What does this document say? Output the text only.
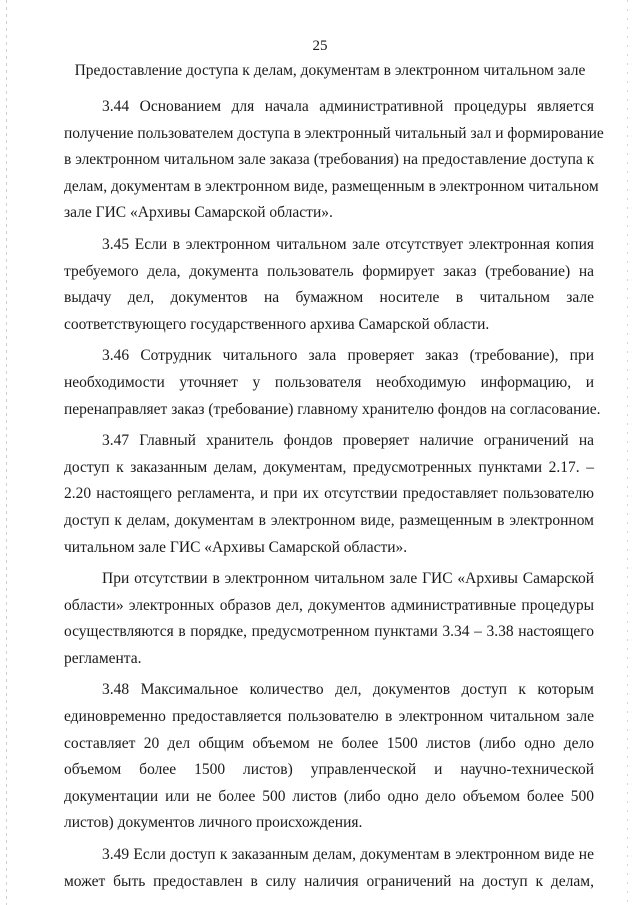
25
Предоставление доступа к делам, документам в электронном читальном зале
3.44 Основанием для начала административной процедуры является
получение пользователем доступа в электронный читальный зал и формирование
в электронном читальном зале заказа (требования) на предоставление доступа к
делам, документам в электронном виде, размещенным в электронном читальном
зале ГИС «Архивы Самарской области».
3.45 Если в электронном читальном зале отсутствует электронная копия
требуемого дела, документа пользователь формирует заказ (требование) на
выдачу дел, документов на бумажном носителе в читальном зале
соответствующего государственного архива Самарской области.
3.46 Сотрудник читального зала проверяет заказ (требование), при
необходимости уточняет у пользователя необходимую информацию, и
перенаправляет заказ (требование) главному хранителю фондов на согласование.
3.47 Главный хранитель фондов проверяет наличие ограничений на
доступ к заказанным делам, документам, предусмотренных пунктами 2.17. –
2.20 настоящего регламента, и при их отсутствии предоставляет пользователю
доступ к делам, документам в электронном виде, размещенным в электронном
читальном зале ГИС «Архивы Самарской области».
При отсутствии в электронном читальном зале ГИС «Архивы Самарской
области» электронных образов дел, документов административные процедуры
осуществляются в порядке, предусмотренном пунктами 3.34 – 3.38 настоящего
регламента.
3.48 Максимальное количество дел, документов доступ к которым
единовременно предоставляется пользователю в электронном читальном зале
составляет 20 дел общим объемом не более 1500 листов (либо одно дело
объемом более 1500 листов) управленческой и научно-технической
документации или не более 500 листов (либо одно дело объемом более 500
листов) документов личного происхождения.
3.49 Если доступ к заказанным делам, документам в электронном виде не
может быть предоставлен в силу наличия ограничений на доступ к делам,
